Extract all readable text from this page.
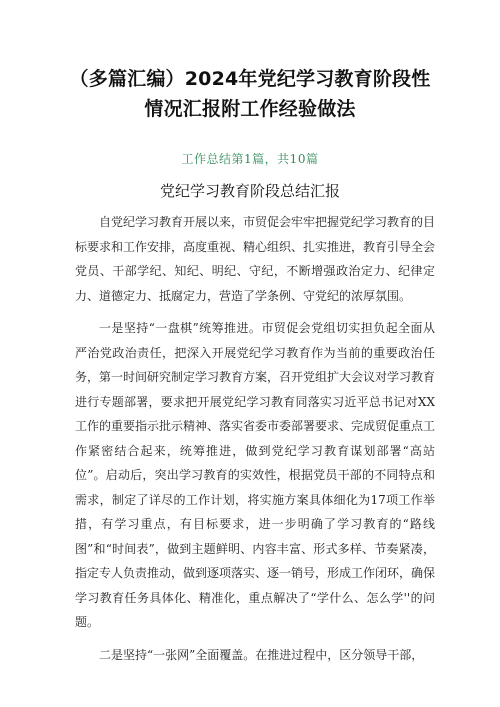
（多篇汇编）2024年党纪学习教育阶段性
情况汇报附工作经验做法
工作总结第1篇，共10篇
党纪学习教育阶段总结汇报

自党纪学习教育开展以来，市贸促会牢牢把握党纪学习教育的目标要求和工作安排，高度重视、精心组织、扎实推进，教育引导全会党员、干部学纪、知纪、明纪、守纪，不断增强政治定力、纪律定力、道德定力、抵腐定力，营造了学条例、守党纪的浓厚氛围。

一是坚持“一盘棋”统筹推进。市贸促会党组切实担负起全面从严治党政治责任，把深入开展党纪学习教育作为当前的重要政治任务，第一时间研究制定学习教育方案，召开党组扩大会议对学习教育进行专题部署，要求把开展党纪学习教育同落实习近平总书记对XX工作的重要指示批示精神、落实省委市委部署要求、完成贸促重点工作紧密结合起来，统筹推进，做到党纪学习教育谋划部署“高站位”。启动后，突出学习教育的实效性，根据党员干部的不同特点和需求，制定了详尽的工作计划，将实施方案具体细化为17项工作举措，有学习重点，有目标要求，进一步明确了学习教育的“路线图”和“时间表”，做到主题鲜明、内容丰富、形式多样、节奏紧凑，指定专人负责推动，做到逐项落实、逐一销号，形成工作闭环，确保学习教育任务具体化、精准化，重点解决了“学什么、怎么学''的问题。

二是坚持“一张网”全面覆盖。在推进过程中，区分领导干部，
